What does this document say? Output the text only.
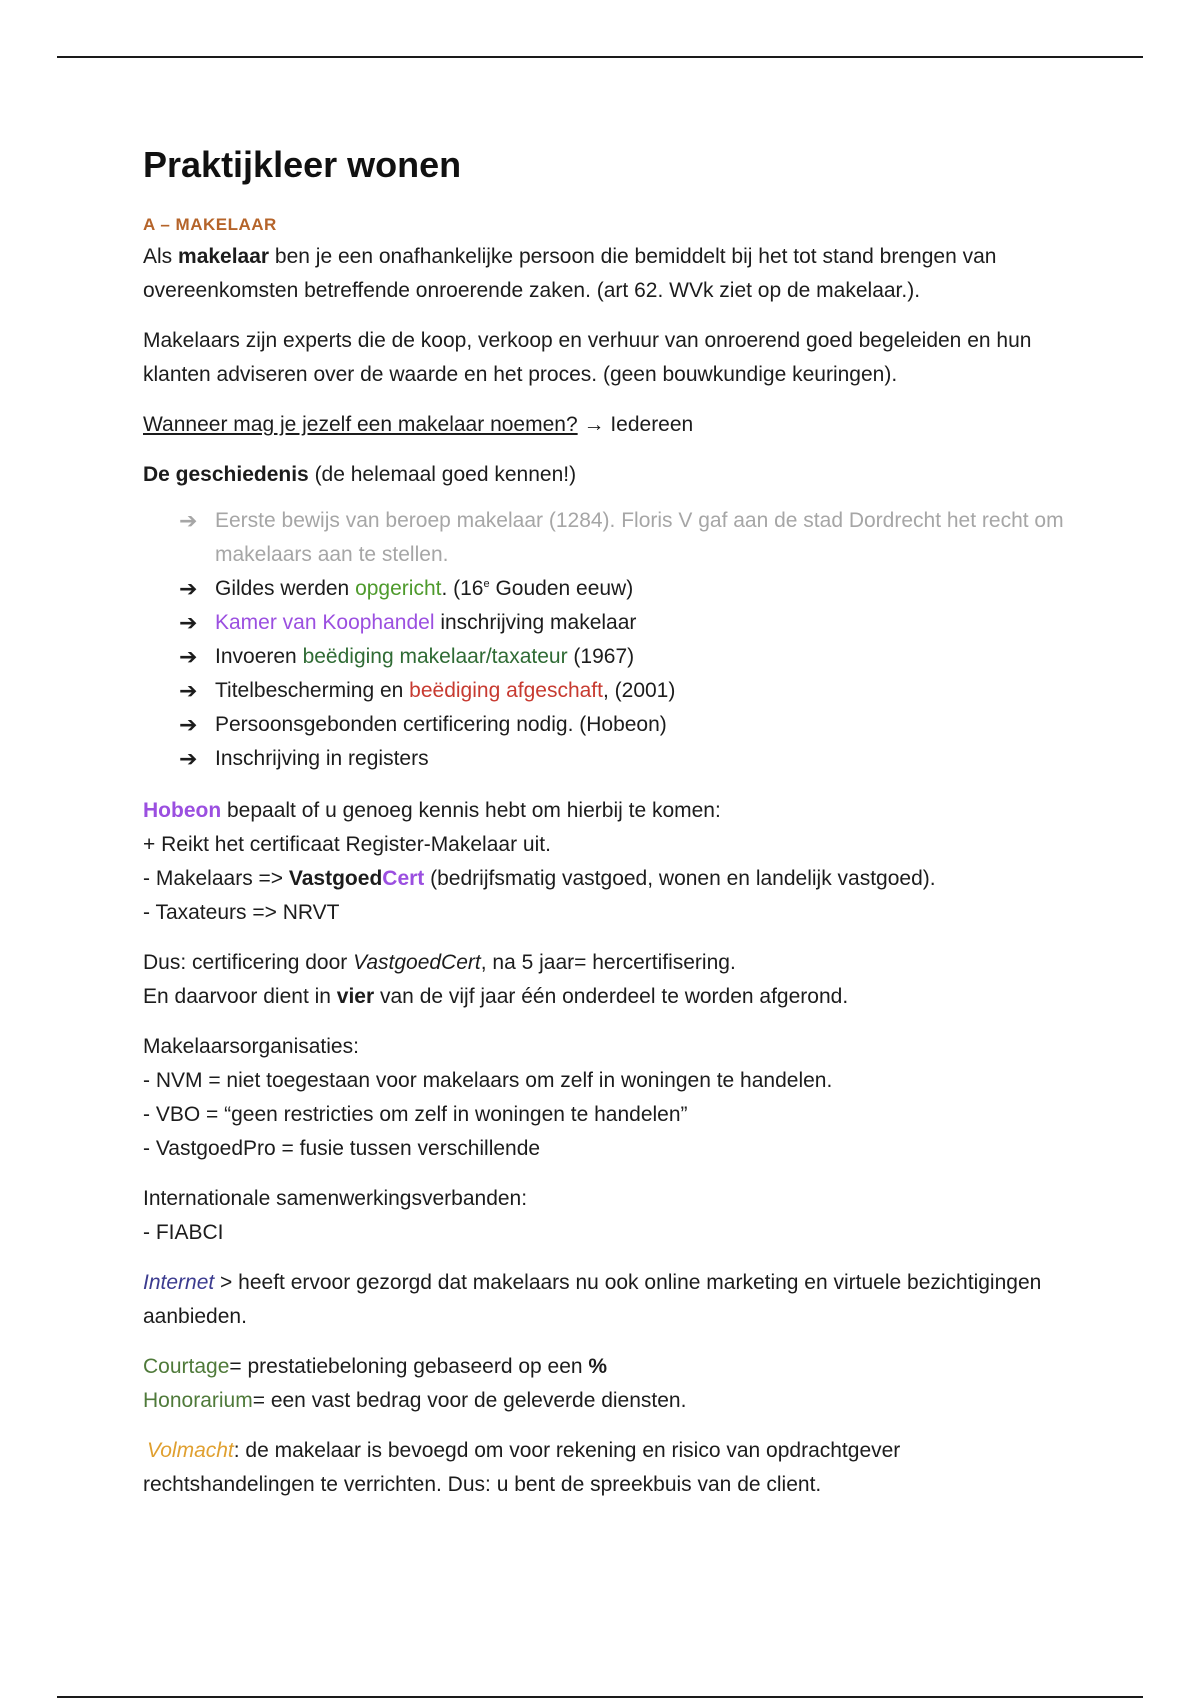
Praktijkleer wonen
A – MAKELAAR

Als makelaar ben je een onafhankelijke persoon die bemiddelt bij het tot stand brengen van overeenkomsten betreffende onroerende zaken. (art 62. WVk ziet op de makelaar.).

Makelaars zijn experts die de koop, verkoop en verhuur van onroerend goed begeleiden en hun klanten adviseren over de waarde en het proces. (geen bouwkundige keuringen).

Wanneer mag je jezelf een makelaar noemen? → Iedereen

De geschiedenis (de helemaal goed kennen!)

➔ Eerste bewijs van beroep makelaar (1284). Floris V gaf aan de stad Dordrecht het recht om makelaars aan te stellen.
➔ Gildes werden opgericht. (16e Gouden eeuw)
➔ Kamer van Koophandel inschrijving makelaar
➔ Invoeren beëdiging makelaar/taxateur (1967)
➔ Titelbescherming en beëdiging afgeschaft, (2001)
➔ Persoonsgebonden certificering nodig. (Hobeon)
➔ Inschrijving in registers

Hobeon bepaalt of u genoeg kennis hebt om hierbij te komen:
+ Reikt het certificaat Register-Makelaar uit.
- Makelaars => VastgoedCert (bedrijfsmatig vastgoed, wonen en landelijk vastgoed).
- Taxateurs => NRVT

Dus: certificering door VastgoedCert, na 5 jaar= hercertifisering.
En daarvoor dient in vier van de vijf jaar één onderdeel te worden afgerond.

Makelaarsorganisaties:
- NVM = niet toegestaan voor makelaars om zelf in woningen te handelen.
- VBO = “geen restricties om zelf in woningen te handelen”
- VastgoedPro = fusie tussen verschillende

Internationale samenwerkingsverbanden:
- FIABCI

Internet > heeft ervoor gezorgd dat makelaars nu ook online marketing en virtuele bezichtigingen aanbieden.

Courtage= prestatiebeloning gebaseerd op een %
Honorarium= een vast bedrag voor de geleverde diensten.

Volmacht: de makelaar is bevoegd om voor rekening en risico van opdrachtgever rechtshandelingen te verrichten. Dus: u bent de spreekbuis van de client.
